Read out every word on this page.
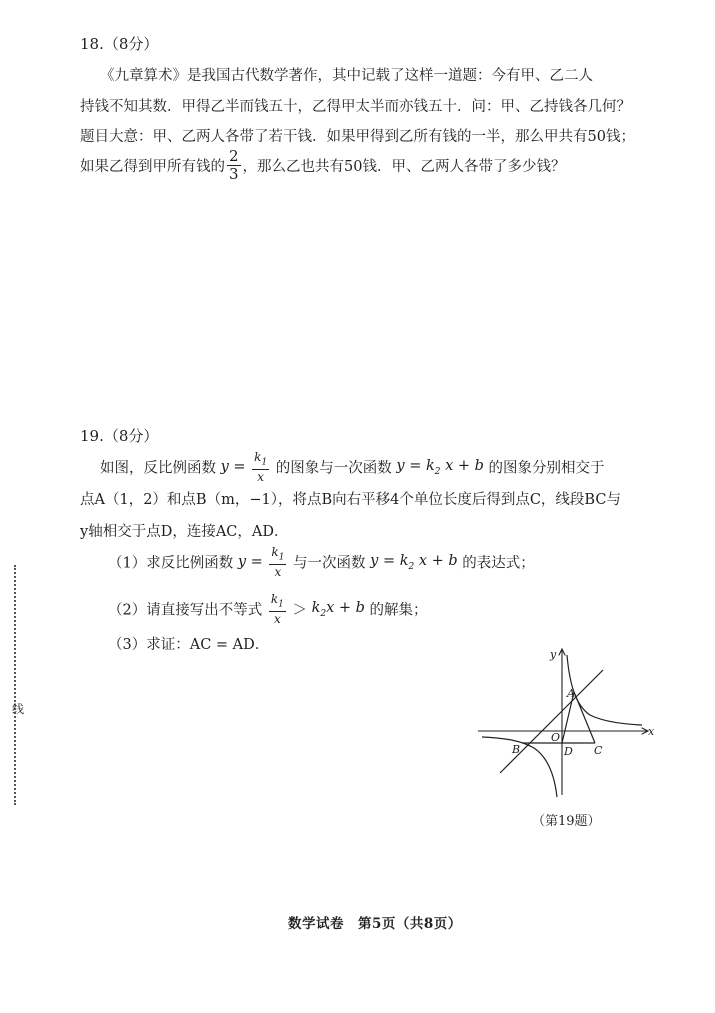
18.（8分）
《九章算术》是我国古代数学著作，其中记载了这样一道题：今有甲、乙二人
持钱不知其数．甲得乙半而钱五十，乙得甲太半而亦钱五十．问：甲、乙持钱各几何？
题目大意：甲、乙两人各带了若干钱．如果甲得到乙所有钱的一半，那么甲共有50钱；
如果乙得到甲所有钱的 $\frac{2}{3}$ ，那么乙也共有50钱．甲、乙两人各带了多少钱？
19.（8分）
如图，反比例函数 $y = \frac{k_1}{x}$ 的图象与一次函数 $y = k_2$ x + b 的图象分别相交于
点A（1，2）和点B（m，−1），将点B向右平移4个单位长度后得到点C，线段BC与
y轴相交于点D，连接AC，AD．
（1）求反比例函数 $y = \frac{k_1}{x}$ 与一次函数 $y = k_2$ x + b 的表达式；
（2）请直接写出不等式 $\frac{k_1}{x} > k_2x + b$ 的解集；
（3）求证：AC = AD．
x
y
O
A
B	C
D
（第19题）
线
数学试卷　第5页（共8页）
